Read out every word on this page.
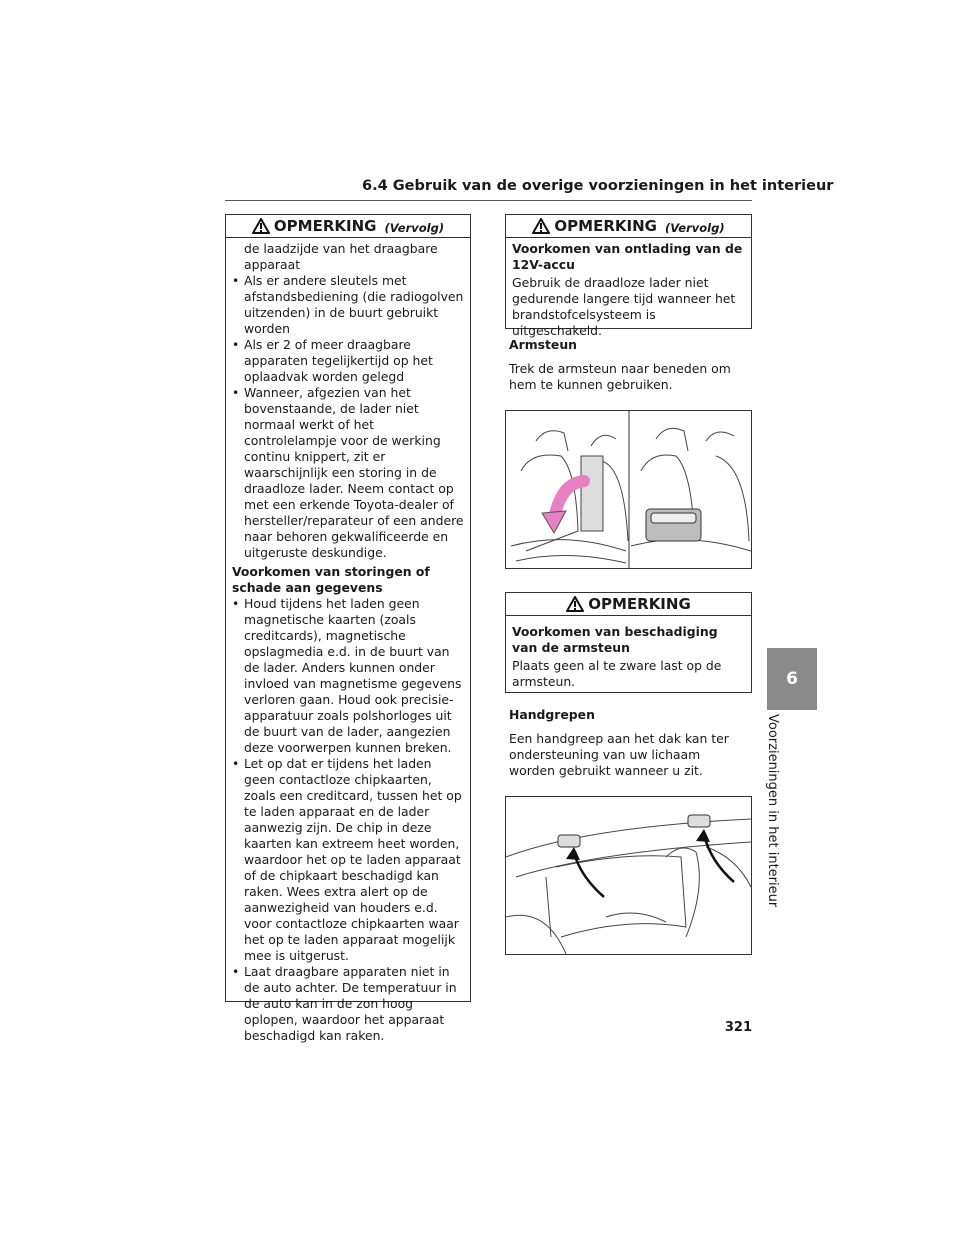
6.4 Gebruik van de overige voorzieningen in het interieur
OPMERKING (Vervolg)
de laadzijde van het draagbare apparaat
• Als er andere sleutels met afstandsbediening (die radiogolven uitzenden) in de buurt gebruikt worden
• Als er 2 of meer draagbare apparaten tegelijkertijd op het oplaadvak worden gelegd
• Wanneer, afgezien van het bovenstaande, de lader niet normaal werkt of het controlelampje voor de werking continu knippert, zit er waarschijnlijk een storing in de draadloze lader. Neem contact op met een erkende Toyota-dealer of hersteller/reparateur of een andere naar behoren gekwalificeerde en uitgeruste deskundige.
Voorkomen van storingen of schade aan gegevens
• Houd tijdens het laden geen magnetische kaarten (zoals creditcards), magnetische opslagmedia e.d. in de buurt van de lader. Anders kunnen onder invloed van magnetisme gegevens verloren gaan. Houd ook precisie-apparatuur zoals polshorloges uit de buurt van de lader, aangezien deze voorwerpen kunnen breken.
• Let op dat er tijdens het laden geen contactloze chipkaarten, zoals een creditcard, tussen het op te laden apparaat en de lader aanwezig zijn. De chip in deze kaarten kan extreem heet worden, waardoor het op te laden apparaat of de chipkaart beschadigd kan raken. Wees extra alert op de aanwezigheid van houders e.d. voor contactloze chipkaarten waar het op te laden apparaat mogelijk mee is uitgerust.
• Laat draagbare apparaten niet in de auto achter. De temperatuur in de auto kan in de zon hoog oplopen, waardoor het apparaat beschadigd kan raken.
OPMERKING (Vervolg)
Voorkomen van ontlading van de 12V-accu
Gebruik de draadloze lader niet gedurende langere tijd wanneer het brandstofcelsysteem is uitgeschakeld.
Armsteun
Trek de armsteun naar beneden om hem te kunnen gebruiken.
OPMERKING
Voorkomen van beschadiging van de armsteun
Plaats geen al te zware last op de armsteun.
Handgrepen
Een handgreep aan het dak kan ter ondersteuning van uw lichaam worden gebruikt wanneer u zit.
6
Voorzieningen in het interieur
321
